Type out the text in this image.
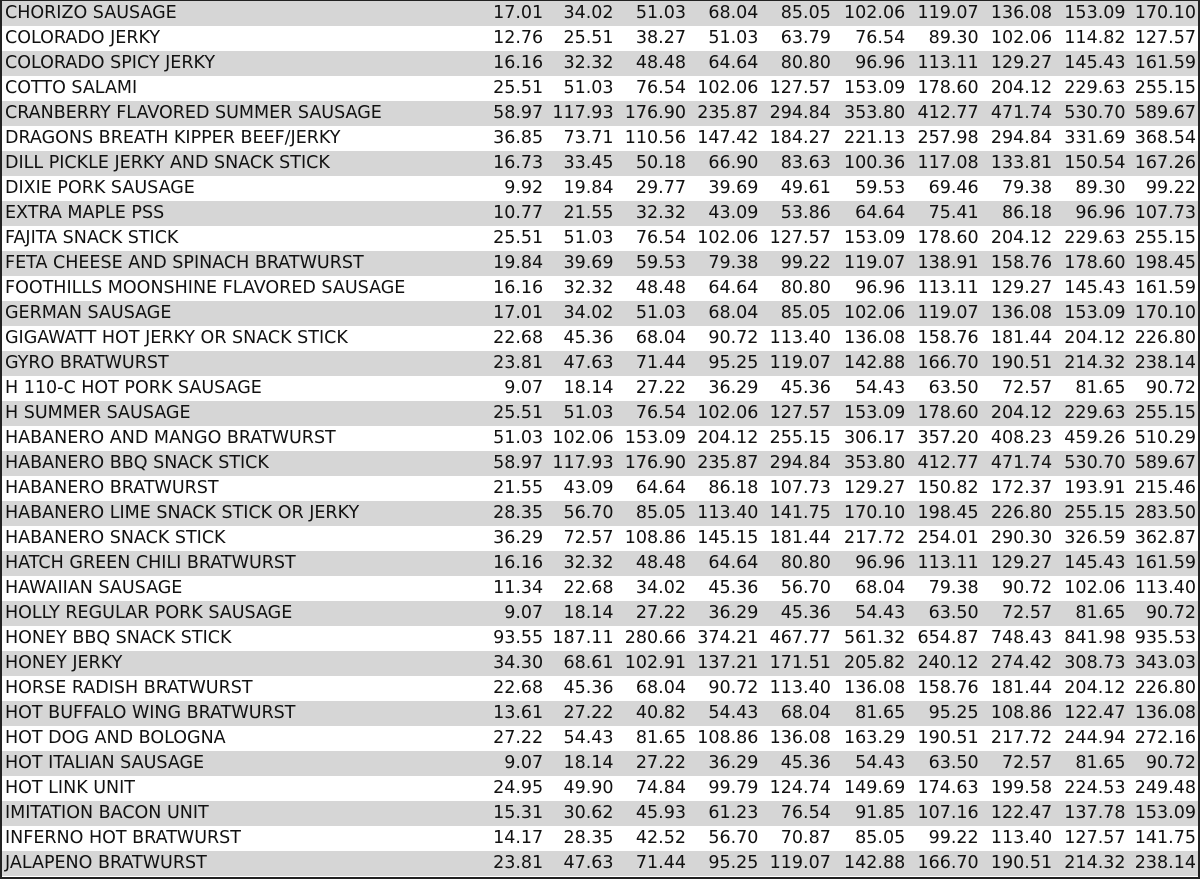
CHORIZO SAUSAGE	17.01	34.02	51.03	68.04	85.05	102.06	119.07	136.08	153.09	170.10
COLORADO JERKY	12.76	25.51	38.27	51.03	63.79	76.54	89.30	102.06	114.82	127.57
COLORADO SPICY JERKY	16.16	32.32	48.48	64.64	80.80	96.96	113.11	129.27	145.43	161.59
COTTO SALAMI	25.51	51.03	76.54	102.06	127.57	153.09	178.60	204.12	229.63	255.15
CRANBERRY FLAVORED SUMMER SAUSAGE	58.97	117.93	176.90	235.87	294.84	353.80	412.77	471.74	530.70	589.67
DRAGONS BREATH KIPPER BEEF/JERKY	36.85	73.71	110.56	147.42	184.27	221.13	257.98	294.84	331.69	368.54
DILL PICKLE JERKY AND SNACK STICK	16.73	33.45	50.18	66.90	83.63	100.36	117.08	133.81	150.54	167.26
DIXIE PORK SAUSAGE	9.92	19.84	29.77	39.69	49.61	59.53	69.46	79.38	89.30	99.22
EXTRA MAPLE PSS	10.77	21.55	32.32	43.09	53.86	64.64	75.41	86.18	96.96	107.73
FAJITA SNACK STICK	25.51	51.03	76.54	102.06	127.57	153.09	178.60	204.12	229.63	255.15
FETA CHEESE AND SPINACH BRATWURST	19.84	39.69	59.53	79.38	99.22	119.07	138.91	158.76	178.60	198.45
FOOTHILLS MOONSHINE FLAVORED SAUSAGE	16.16	32.32	48.48	64.64	80.80	96.96	113.11	129.27	145.43	161.59
GERMAN SAUSAGE	17.01	34.02	51.03	68.04	85.05	102.06	119.07	136.08	153.09	170.10
GIGAWATT HOT JERKY OR SNACK STICK	22.68	45.36	68.04	90.72	113.40	136.08	158.76	181.44	204.12	226.80
GYRO BRATWURST	23.81	47.63	71.44	95.25	119.07	142.88	166.70	190.51	214.32	238.14
H 110-C HOT PORK SAUSAGE	9.07	18.14	27.22	36.29	45.36	54.43	63.50	72.57	81.65	90.72
H SUMMER SAUSAGE	25.51	51.03	76.54	102.06	127.57	153.09	178.60	204.12	229.63	255.15
HABANERO AND MANGO BRATWURST	51.03	102.06	153.09	204.12	255.15	306.17	357.20	408.23	459.26	510.29
HABANERO BBQ SNACK STICK	58.97	117.93	176.90	235.87	294.84	353.80	412.77	471.74	530.70	589.67
HABANERO BRATWURST	21.55	43.09	64.64	86.18	107.73	129.27	150.82	172.37	193.91	215.46
HABANERO LIME SNACK STICK OR JERKY	28.35	56.70	85.05	113.40	141.75	170.10	198.45	226.80	255.15	283.50
HABANERO SNACK STICK	36.29	72.57	108.86	145.15	181.44	217.72	254.01	290.30	326.59	362.87
HATCH GREEN CHILI BRATWURST	16.16	32.32	48.48	64.64	80.80	96.96	113.11	129.27	145.43	161.59
HAWAIIAN SAUSAGE	11.34	22.68	34.02	45.36	56.70	68.04	79.38	90.72	102.06	113.40
HOLLY REGULAR PORK SAUSAGE	9.07	18.14	27.22	36.29	45.36	54.43	63.50	72.57	81.65	90.72
HONEY BBQ SNACK STICK	93.55	187.11	280.66	374.21	467.77	561.32	654.87	748.43	841.98	935.53
HONEY JERKY	34.30	68.61	102.91	137.21	171.51	205.82	240.12	274.42	308.73	343.03
HORSE RADISH BRATWURST	22.68	45.36	68.04	90.72	113.40	136.08	158.76	181.44	204.12	226.80
HOT BUFFALO WING BRATWURST	13.61	27.22	40.82	54.43	68.04	81.65	95.25	108.86	122.47	136.08
HOT DOG AND BOLOGNA	27.22	54.43	81.65	108.86	136.08	163.29	190.51	217.72	244.94	272.16
HOT ITALIAN SAUSAGE	9.07	18.14	27.22	36.29	45.36	54.43	63.50	72.57	81.65	90.72
HOT LINK UNIT	24.95	49.90	74.84	99.79	124.74	149.69	174.63	199.58	224.53	249.48
IMITATION BACON UNIT	15.31	30.62	45.93	61.23	76.54	91.85	107.16	122.47	137.78	153.09
INFERNO HOT BRATWURST	14.17	28.35	42.52	56.70	70.87	85.05	99.22	113.40	127.57	141.75
JALAPENO BRATWURST	23.81	47.63	71.44	95.25	119.07	142.88	166.70	190.51	214.32	238.14
